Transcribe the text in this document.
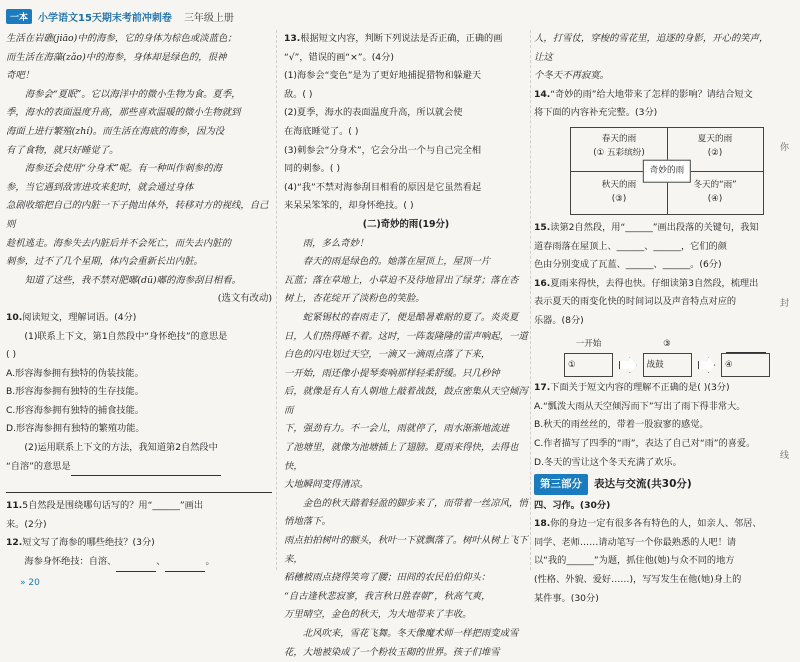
一本	小学语文15天期末考前冲刺卷 三年级上册

生活在岩礁(jiāo)中的海参，它的身体为棕色或淡蓝色；

而生活在海藻(zǎo)中的海参，身体却是绿色的，很神

奇吧！

海参会“夏眠”。它以海洋中的微小生物为食。夏季，

季，海水的表面温度升高，那些喜欢温暖的微小生物就到

海面上进行繁殖(zhí)。而生活在海底的海参，因为没

有了食物，就只好睡觉了。

海参还会使用“分身术”呢。有一种叫作刺参的海

参，当它遇到敌害进攻来犯时，就会通过身体

急剧收缩把自己的内脏一下子抛出体外，转移对方的视线，自己则

趁机逃走。海参失去内脏后并不会死亡，而失去内脏的

刺参，过不了几个星期，体内会重新长出内脏。

知道了这些，我不禁对肥嘟(dū)嘟的海参刮目相看。

(选文有改动)

10.阅读短文，理解词语。(4分)

(1)联系上下文，第1自然段中“身怀绝技”的意思是

( )

A.形容海参拥有独特的伪装技能。

B.形容海参拥有独特的生存技能。

C.形容海参拥有独特的捕食技能。

D.形容海参拥有独特的繁殖功能。

(2)运用联系上下文的方法，我知道第2自然段中

“自溶”的意思是

11.5自然段是围绕哪句话写的？用“______”画出

来。(2分)

12.短文写了海参的哪些绝技？(3分)

海参身怀绝技：自溶、	、	。

13.根据短文内容，判断下列说法是否正确，正确的画

“√”，错误的画“×”。(4分)

(1)海参会“变色”是为了更好地捕捉猎物和躲避天

敌。( )

(2)夏季，海水的表面温度升高，所以就会使

在海底睡觉了。( )

(3)刺参会“分身术”，它会分出一个与自己完全相

同的刺参。( )

(4)“我”不禁对海参刮目相看的原因是它虽然看起

来呆呆笨笨的，却身怀绝技。( )

(二)奇妙的雨(19分)

雨，多么奇妙！

春天的雨是绿色的。她落在屋顶上，屋顶一片

瓦蓝；落在草地上，小草迫不及待地冒出了绿芽；落在杏

树上，杏花绽开了淡粉色的笑脸。

蛇紧锡杖的春雨走了，便是酷暑难耐的夏了。炎炎夏

日，人们热得睡不着。这时，一阵轰隆隆的雷声响起，一道

白色的闪电划过天空，一滴又一滴雨点落了下来，

一开始，雨还像小提琴奏响那样轻柔舒缓。只几秒钟

后，就像是有人有人朝地上敲着战鼓，鼓点密集从天空倾泻而

下，强劲有力。不一会儿，雨就停了，雨水渐渐地流进

了池塘里，就像为池塘插上了翅膀。夏雨来得快，去得也快，

大地瞬间变得清凉。

金色的秋天踏着轻盈的脚步来了，而带着一丝凉风，悄悄地落下。

雨点拍拍树叶的额头，秋叶一下就飘落了。树叶从树上飞下来，

稻穗被雨点挠得笑弯了腰；田间的农民伯伯仰头：

“自古逢秋悲寂寥，我言秋日胜春朝”，秋高气爽，

万里晴空，金色的秋天，为大地带来了丰收。

北风吹来，雪花飞舞。冬天像魔术师一样把雨变成雪

花，大地被染成了一个粉妆玉砌的世界。孩子们堆雪

人，打雪仗，穿梭的雪花里，追逐的身影，开心的笑声，让这

个冬天不再寂寞。

14.“奇妙的雨”给大地带来了怎样的影响？请结合短文

将下面的内容补充完整。(3分)

春天的雨
(① 五彩缤纷)
夏天的雨
(②)
秋天的雨
(③)
冬天的“雨”
(④)
奇妙的雨

15.读第2自然段，用“______”画出段落的关键句，我知

道春雨落在屋顶上、______、______，它们的颜

色由分别变成了瓦蓝、______、______。(6分)

16.夏雨来得快，去得也快。仔细读第3自然段，梳理出

表示夏天的雨变化快的时间词以及声音特点对应的

乐器。(8分)

一开始
①
③
战鼓	④

17.下面关于短文内容的理解不正确的是( )(3分)

A.“瓢泼大雨从天空倾泻而下”写出了雨下得非常大。

B.秋天的雨丝丝的，带着一股寂寥的感觉。

C.作者描写了四季的“雨”，表达了自己对“雨”的喜爱。

D.冬天的雪让这个冬天充满了欢乐。

第三部分	表达与交流(共30分)

四、习作。(30分)

18.你的身边一定有很多各有特色的人，如亲人、邻居、

同学、老师……请动笔写一个你最熟悉的人吧！请

以“我的______”为题，抓住他(她)与众不同的地方

(性格、外貌、爱好……)，写写发生在他(她)身上的

某件事。(30分)

你
封
线
» 20
